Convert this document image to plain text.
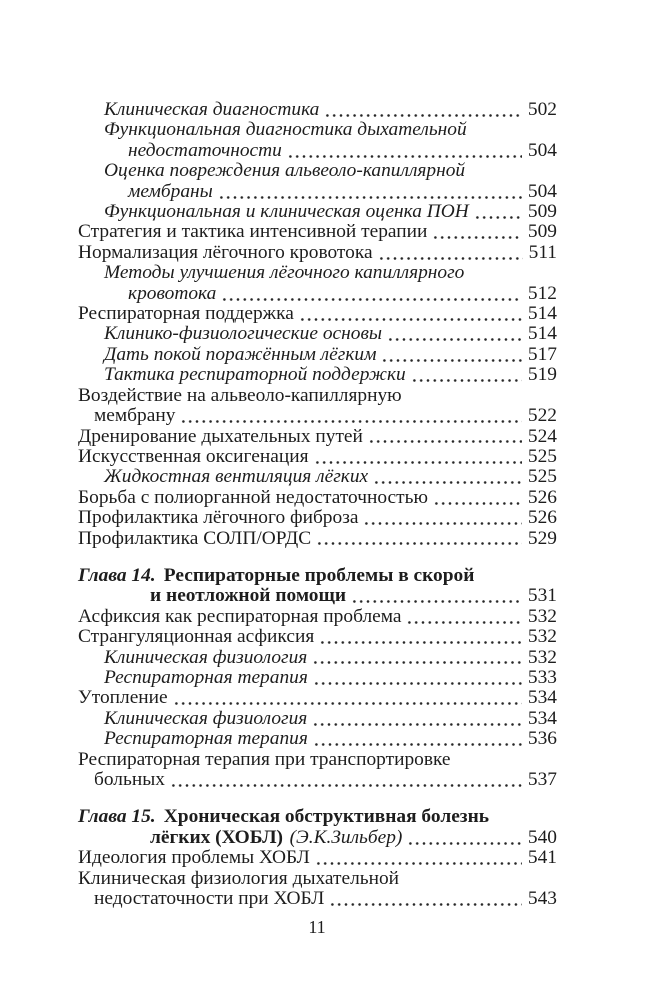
Клиническая диагностика	502
Функциональная диагностика дыхательной
недостаточности	504
Оценка повреждения альвеоло-капиллярной
мембраны	504
Функциональная и клиническая оценка ПОН	509
Стратегия и тактика интенсивной терапии	509
Нормализация лёгочного кровотока	511
Методы улучшения лёгочного капиллярного
кровотока	512
Респираторная поддержка	514
Клинико-физиологические основы	514
Дать покой поражённым лёгким	517
Тактика респираторной поддержки	519
Воздействие на альвеоло-капиллярную
мембрану	522
Дренирование дыхательных путей	524
Искусственная оксигенация	525
Жидкостная вентиляция лёгких	525
Борьба с полиорганной недостаточностью	526
Профилактика лёгочного фиброза	526
Профилактика СОЛП/ОРДС	529
Глава 14. Респираторные проблемы в скорой
и неотложной помощи	531
Асфиксия как респираторная проблема	532
Странгуляционная асфиксия	532
Клиническая физиология	532
Респираторная терапия	533
Утопление	534
Клиническая физиология	534
Респираторная терапия	536
Респираторная терапия при транспортировке
больных	537
Глава 15. Хроническая обструктивная болезнь
лёгких (ХОБЛ) (Э.К.Зильбер)	540
Идеология проблемы ХОБЛ	541
Клиническая физиология дыхательной
недостаточности при ХОБЛ	543
11
